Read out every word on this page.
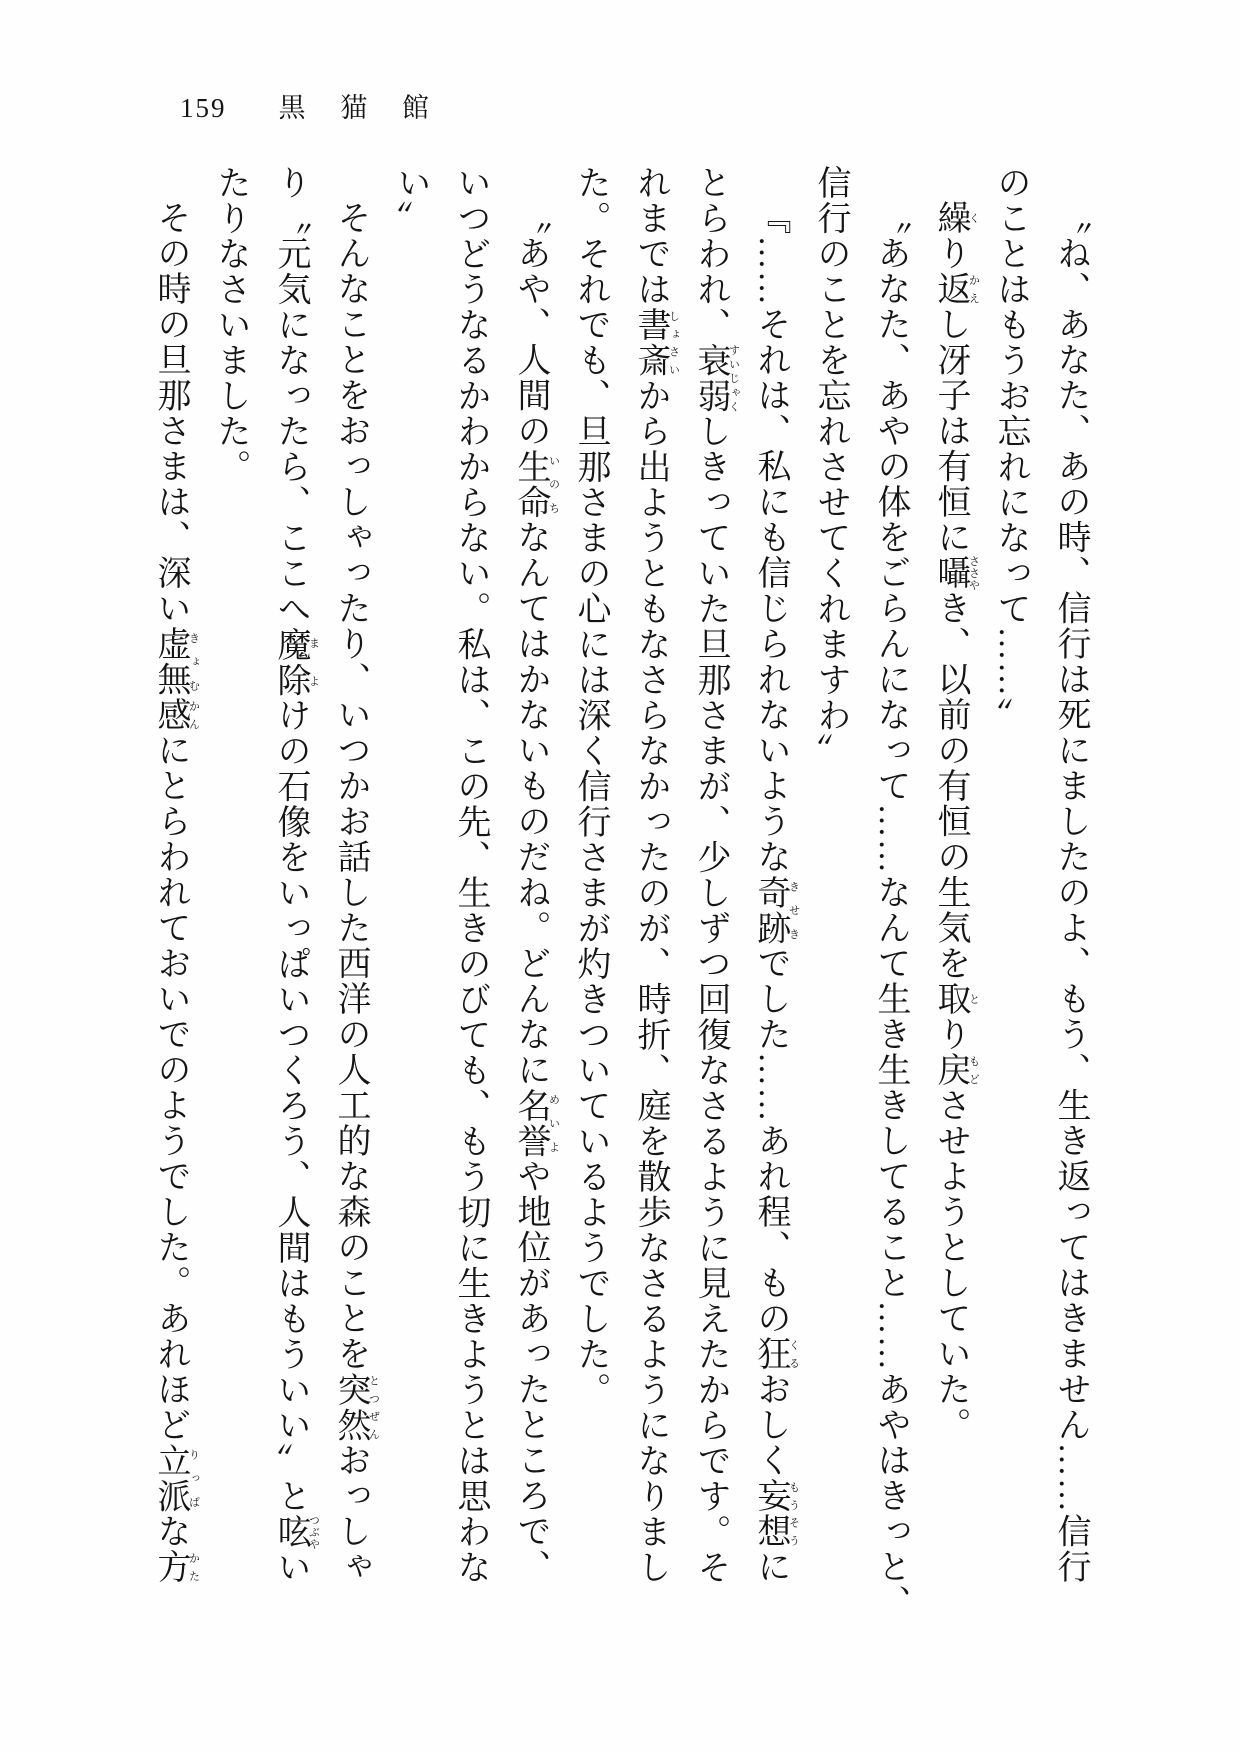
159 黒 猫 館
〝ね、あなた、あの時、信行は死にましたのよ、もう、生き返ってはきません……信行
のことはもうお忘れになって……〟
繰くり返かえし冴子は有恒に囁ささやき、以前の有恒の生気を取とり戻もどさせようとしていた。
〝あなた、あやの体をごらんになって……なんて生き生きしてること……あやはきっと、
信行のことを忘れさせてくれますわ〟
『……それは、私にも信じられないような奇跡きせきでした……あれ程、もの狂くるおしく妄想もうそうに
とらわれ、衰弱すいじゃくしきっていた旦那さまが、少しずつ回復なさるように見えたからです。そ
れまでは書斎しょさいから出ようともなさらなかったのが、時折、庭を散歩なさるようになりまし
た。それでも、旦那さまの心には深く信行さまが灼きついているようでした。
〝あや、人間の生命いのちなんてはかないものだね。どんなに名誉めいよや地位があったところで、
いつどうなるかわからない。私は、この先、生きのびても、もう切に生きようとは思わな
い〟
そんなことをおっしゃったり、いつかお話した西洋の人工的な森のことを突然とつぜんおっしゃ
り〝元気になったら、ここへ魔除まよけの石像をいっぱいつくろう、人間はもういい〟と呟つぶやい
たりなさいました。
その時の旦那さまは、深い虚無きょむ感かんにとらわれておいでのようでした。あれほど立派りっぱな方かた
